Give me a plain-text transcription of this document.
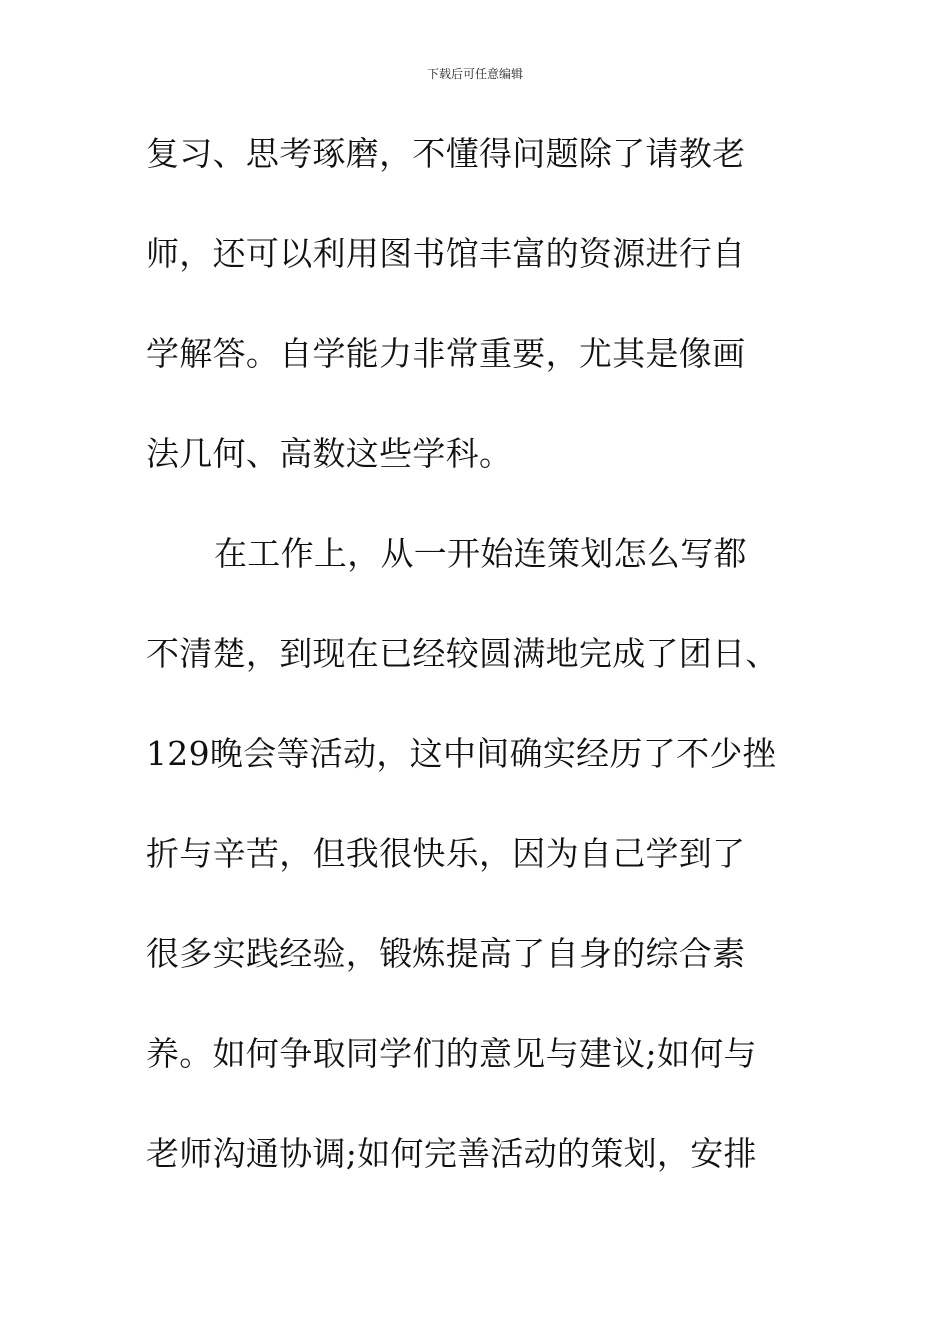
下载后可任意编辑
复习、思考琢磨，不懂得问题除了请教老
师，还可以利用图书馆丰富的资源进行自
学解答。自学能力非常重要，尤其是像画
法几何、高数这些学科。
在工作上，从一开始连策划怎么写都
不清楚，到现在已经较圆满地完成了团日、
129晚会等活动，这中间确实经历了不少挫
折与辛苦，但我很快乐，因为自己学到了
很多实践经验，锻炼提高了自身的综合素
养。如何争取同学们的意见与建议;如何与
老师沟通协调;如何完善活动的策划，安排
